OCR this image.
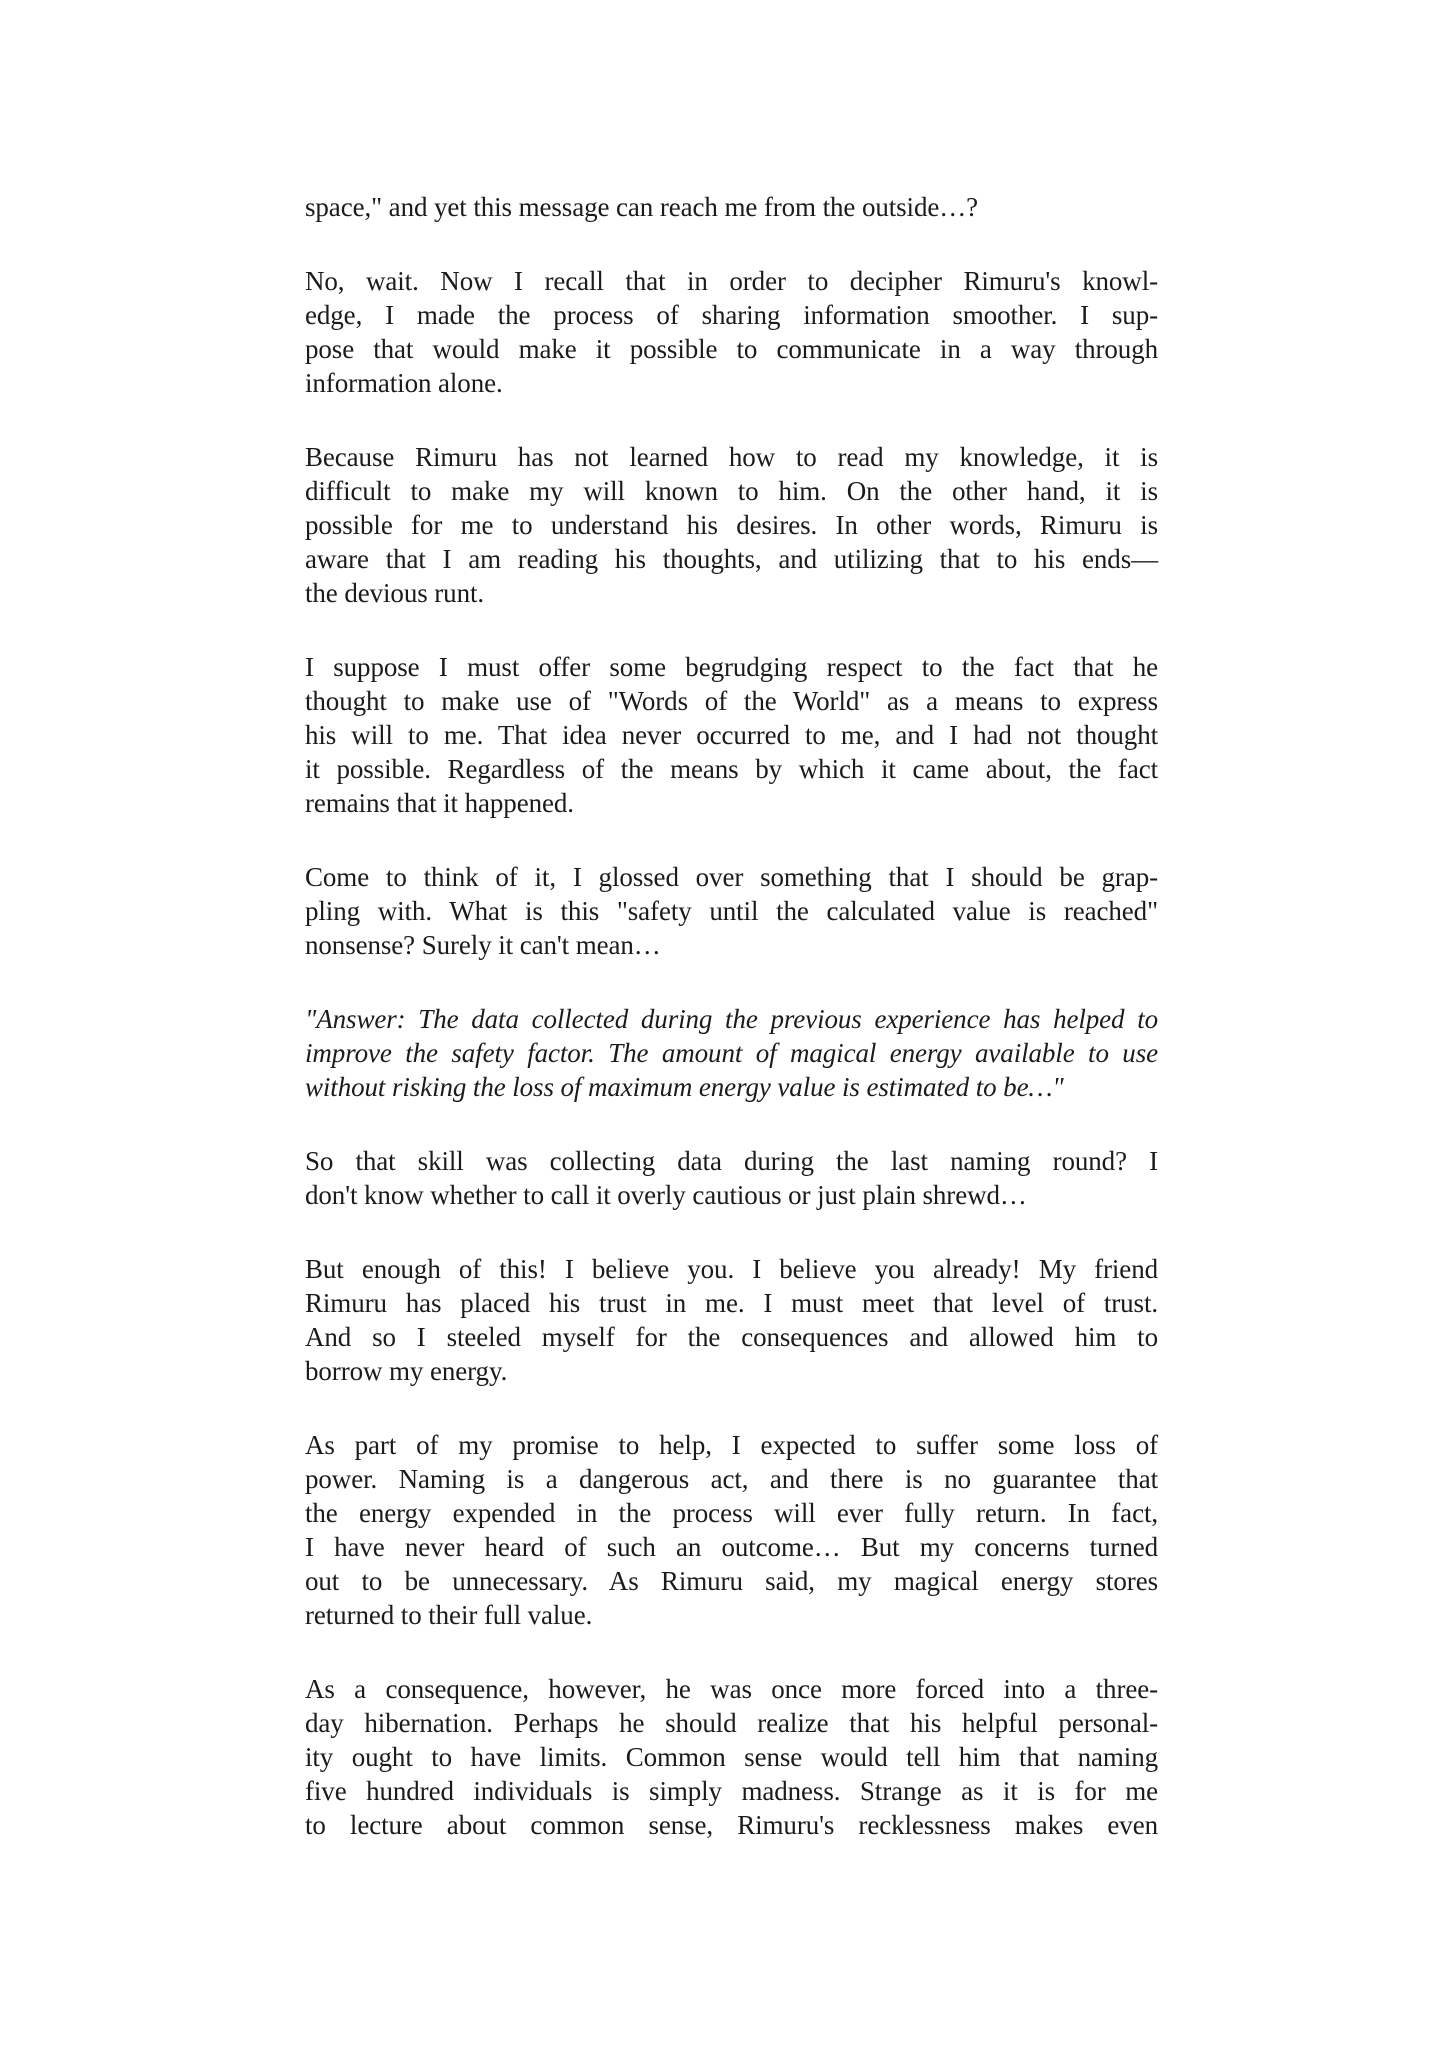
space," and yet this message can reach me from the outside…?

No, wait. Now I recall that in order to decipher Rimuru's knowl-
edge, I made the process of sharing information smoother. I sup-
pose that would make it possible to communicate in a way through
information alone.

Because Rimuru has not learned how to read my knowledge, it is
difficult to make my will known to him. On the other hand, it is
possible for me to understand his desires. In other words, Rimuru is
aware that I am reading his thoughts, and utilizing that to his ends—
the devious runt.

I suppose I must offer some begrudging respect to the fact that he
thought to make use of "Words of the World" as a means to express
his will to me. That idea never occurred to me, and I had not thought
it possible. Regardless of the means by which it came about, the fact
remains that it happened.

Come to think of it, I glossed over something that I should be grap-
pling with. What is this "safety until the calculated value is reached"
nonsense? Surely it can't mean…

"Answer: The data collected during the previous experience has helped to
improve the safety factor. The amount of magical energy available to use
without risking the loss of maximum energy value is estimated to be…"

So that skill was collecting data during the last naming round? I
don't know whether to call it overly cautious or just plain shrewd…

But enough of this! I believe you. I believe you already! My friend
Rimuru has placed his trust in me. I must meet that level of trust.
And so I steeled myself for the consequences and allowed him to
borrow my energy.

As part of my promise to help, I expected to suffer some loss of
power. Naming is a dangerous act, and there is no guarantee that
the energy expended in the process will ever fully return. In fact,
I have never heard of such an outcome… But my concerns turned
out to be unnecessary. As Rimuru said, my magical energy stores
returned to their full value.

As a consequence, however, he was once more forced into a three-
day hibernation. Perhaps he should realize that his helpful personal-
ity ought to have limits. Common sense would tell him that naming
five hundred individuals is simply madness. Strange as it is for me
to lecture about common sense, Rimuru's recklessness makes even
